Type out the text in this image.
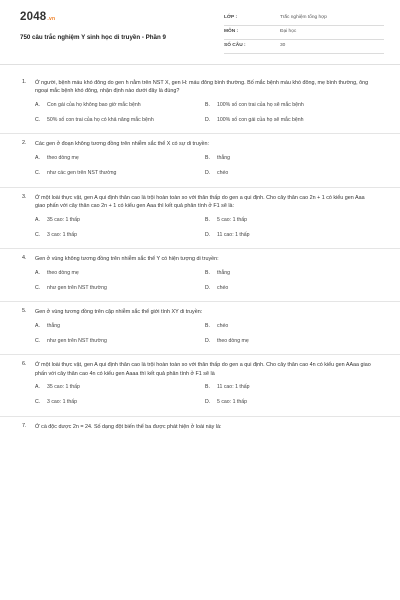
2048.vn
750 câu trắc nghiệm Y sinh học di truyền - Phần 9
LỚP :	Trắc nghiệm tổng hợp
MÔN :	Đại học
SỐ CÂU :	30
1. Ở người, bệnh máu khó đông do gen h nằm trên NST X, gen H: máu đông bình thường. Bố mắc bệnh máu khó đông, mẹ bình thường, ông ngoại mắc bệnh khó đông, nhận định nào dưới đây là đúng?
A.	Con gái của họ không bao giờ mắc bệnh	B.	100% số con trai của họ sẽ mắc bệnh
C.	50% số con trai của họ có khả năng mắc bệnh	D.	100% số con gái của họ sẽ mắc bệnh
2. Các gen ở đoạn không tương đồng trên nhiễm sắc thể X có sự di truyền:
A.	theo dòng mẹ	B.	thẳng
C.	như các gen trên NST thường	D.	chéo
3. Ở một loài thực vật, gen A qui định thân cao là trội hoàn toàn so với thân thấp do gen a qui định. Cho cây thân cao 2n + 1 có kiểu gen Aaa giao phấn với cây thân cao 2n + 1 có kiểu gen Aaa thì kết quả phân tính ở F1 sẽ là:
A.	35 cao: 1 thấp	B.	5 cao: 1 thấp
C.	3 cao: 1 thấp	D.	11 cao: 1 thấp
4. Gen ở vùng không tương đồng trên nhiễm sắc thể Y có hiện tượng di truyền:
A.	theo dòng mẹ	B.	thẳng
C.	như gen trên NST thường	D.	chéo
5. Gen ở vùng tương đồng trên cặp nhiễm sắc thể giới tính XY di truyền:
A.	thẳng	B.	chéo
C.	như gen trên NST thường	D.	theo dòng mẹ
6. Ở một loài thực vật, gen A qui định thân cao là trội hoàn toàn so với thân thấp do gen a qui định. Cho cây thân cao 4n có kiểu gen AAaa giao phấn với cây thân cao 4n có kiểu gen Aaaa thì kết quả phân tính ở F1 sẽ là
A.	35 cao: 1 thấp	B.	11 cao: 1 thấp
C.	3 cao: 1 thấp	D.	5 cao: 1 thấp
7. Ở cà độc dược 2n = 24. Số dạng đột biến thể ba được phát hiện ở loài này là:
